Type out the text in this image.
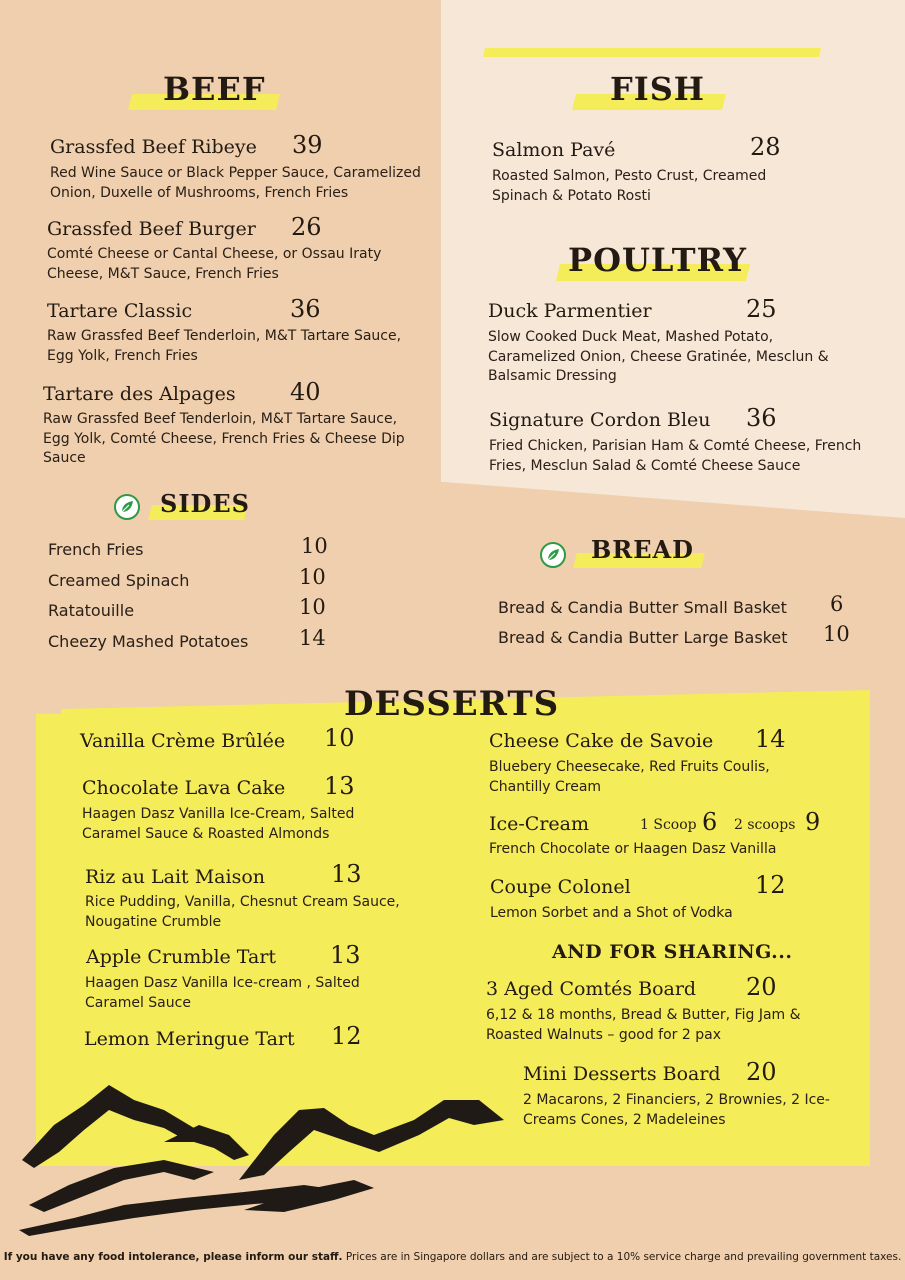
BEEF
Grassfed Beef Ribeye 39
Red Wine Sauce or Black Pepper Sauce, Caramelized Onion, Duxelle of Mushrooms, French Fries
Grassfed Beef Burger 26
Comté Cheese or Cantal Cheese, or Ossau Iraty Cheese, M&T Sauce, French Fries
Tartare Classic	36
Raw Grassfed Beef Tenderloin, M&T Tartare Sauce, Egg Yolk, French Fries
Tartare des Alpages 40
Raw Grassfed Beef Tenderloin, M&T Tartare Sauce, Egg Yolk, Comté Cheese, French Fries & Cheese Dip Sauce
FISH
Salmon Pavé	28
Roasted Salmon, Pesto Crust, Creamed Spinach & Potato Rosti
POULTRY
Duck Parmentier	25
Slow Cooked Duck Meat, Mashed Potato, Caramelized Onion, Cheese Gratinée, Mesclun & Balsamic Dressing
Signature Cordon Bleu 36
Fried Chicken, Parisian Ham & Comté Cheese, French Fries, Mesclun Salad & Comté Cheese Sauce
SIDES
French Fries	10
Creamed Spinach	10
Ratatouille	10
Cheezy Mashed Potatoes 14
BREAD
Bread & Candia Butter Small Basket 6
Bread & Candia Butter Large Basket 10
DESSERTS
Vanilla Crème Brûlée 10
Chocolate Lava Cake 13
Haagen Dasz Vanilla Ice-Cream, Salted Caramel Sauce & Roasted Almonds
Riz au Lait Maison	13
Rice Pudding, Vanilla, Chesnut Cream Sauce, Nougatine Crumble
Apple Crumble Tart 13
Haagen Dasz Vanilla Ice-cream , Salted Caramel Sauce
Lemon Meringue Tart 12
Cheese Cake de Savoie 14
Bluebery Cheesecake, Red Fruits Coulis, Chantilly Cream
Ice-Cream	1 Scoop 6 2 scoops 9
French Chocolate or Haagen Dasz Vanilla
Coupe Colonel	12
Lemon Sorbet and a Shot of Vodka
AND FOR SHARING...
3 Aged Comtés Board 20
6,12 & 18 months, Bread & Butter, Fig Jam & Roasted Walnuts – good for 2 pax
Mini Desserts Board 20
2 Macarons, 2 Financiers, 2 Brownies, 2 Ice-Creams Cones, 2 Madeleines
If you have any food intolerance, please inform our staff. Prices are in Singapore dollars and are subject to a 10% service charge and prevailing government taxes.
